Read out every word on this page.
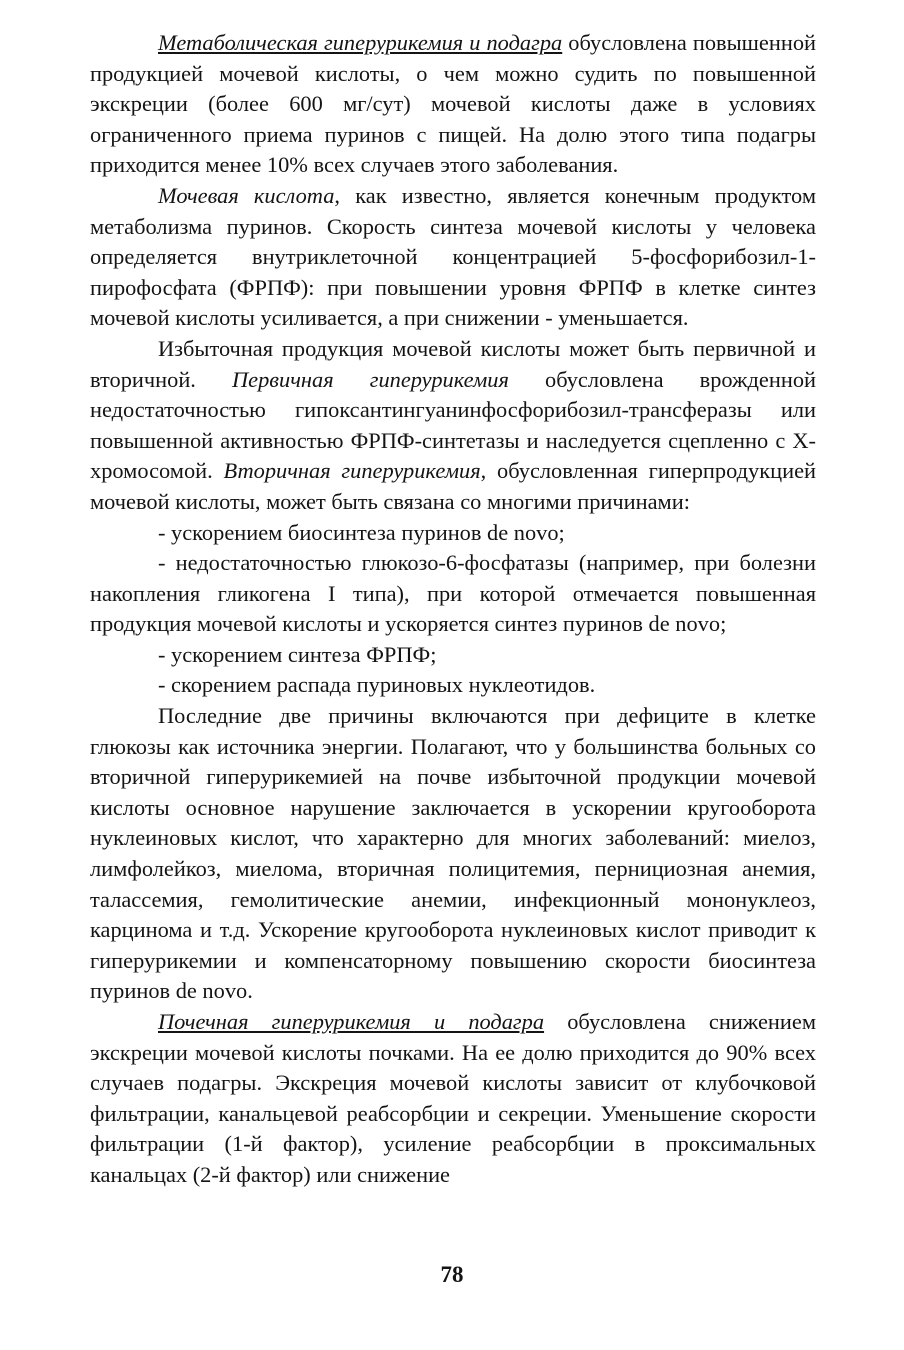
Метаболическая гиперурикемия и подагра обусловлена повышенной продукцией мочевой кислоты, о чем можно судить по повышенной экскреции (более 600 мг/сут) мочевой кислоты даже в условиях ограниченного приема пуринов с пищей. На долю этого типа подагры приходится менее 10% всех случаев этого заболевания.

Мочевая кислота, как известно, является конечным продуктом метаболизма пуринов. Скорость синтеза мочевой кислоты у человека определяется внутриклеточной концентрацией 5-фосфорибозил-1-пирофосфата (ФРПФ): при повышении уровня ФРПФ в клетке синтез мочевой кислоты усиливается, а при снижении - уменьшается.

Избыточная продукция мочевой кислоты может быть первичной и вторичной. Первичная гиперурикемия обусловлена врожденной недостаточностью гипоксантингуанинфосфорибозил-трансферазы или повышенной активностью ФРПФ-синтетазы и наследуется сцепленно с Х-хромосомой. Вторичная гиперурикемия, обусловленная гиперпродукцией мочевой кислоты, может быть связана со многими причинами:

- ускорением биосинтеза пуринов de novo;

- недостаточностью глюкозо-6-фосфатазы (например, при болезни накопления гликогена I типа), при которой отмечается повышенная продукция мочевой кислоты и ускоряется синтез пуринов de novo;

- ускорением синтеза ФРПФ;

- скорением распада пуриновых нуклеотидов.

Последние две причины включаются при дефиците в клетке глюкозы как источника энергии. Полагают, что у большинства больных со вторичной гиперурикемией на почве избыточной продукции мочевой кислоты основное нарушение заключается в ускорении кругооборота нуклеиновых кислот, что характерно для многих заболеваний: миелоз, лимфолейкоз, миелома, вторичная полицитемия, пернициозная анемия, талассемия, гемолитические анемии, инфекционный мононуклеоз, карцинома и т.д. Ускорение кругооборота нуклеиновых кислот приводит к гиперурикемии и компенсаторному повышению скорости биосинтеза пуринов de novo.

Почечная гиперурикемия и подагра обусловлена снижением экскреции мочевой кислоты почками. На ее долю приходится до 90% всех случаев подагры. Экскреция мочевой кислоты зависит от клубочковой фильтрации, канальцевой реабсорбции и секреции. Уменьшение скорости фильтрации (1-й фактор), усиление реабсорбции в проксимальных канальцах (2-й фактор) или снижение

78
